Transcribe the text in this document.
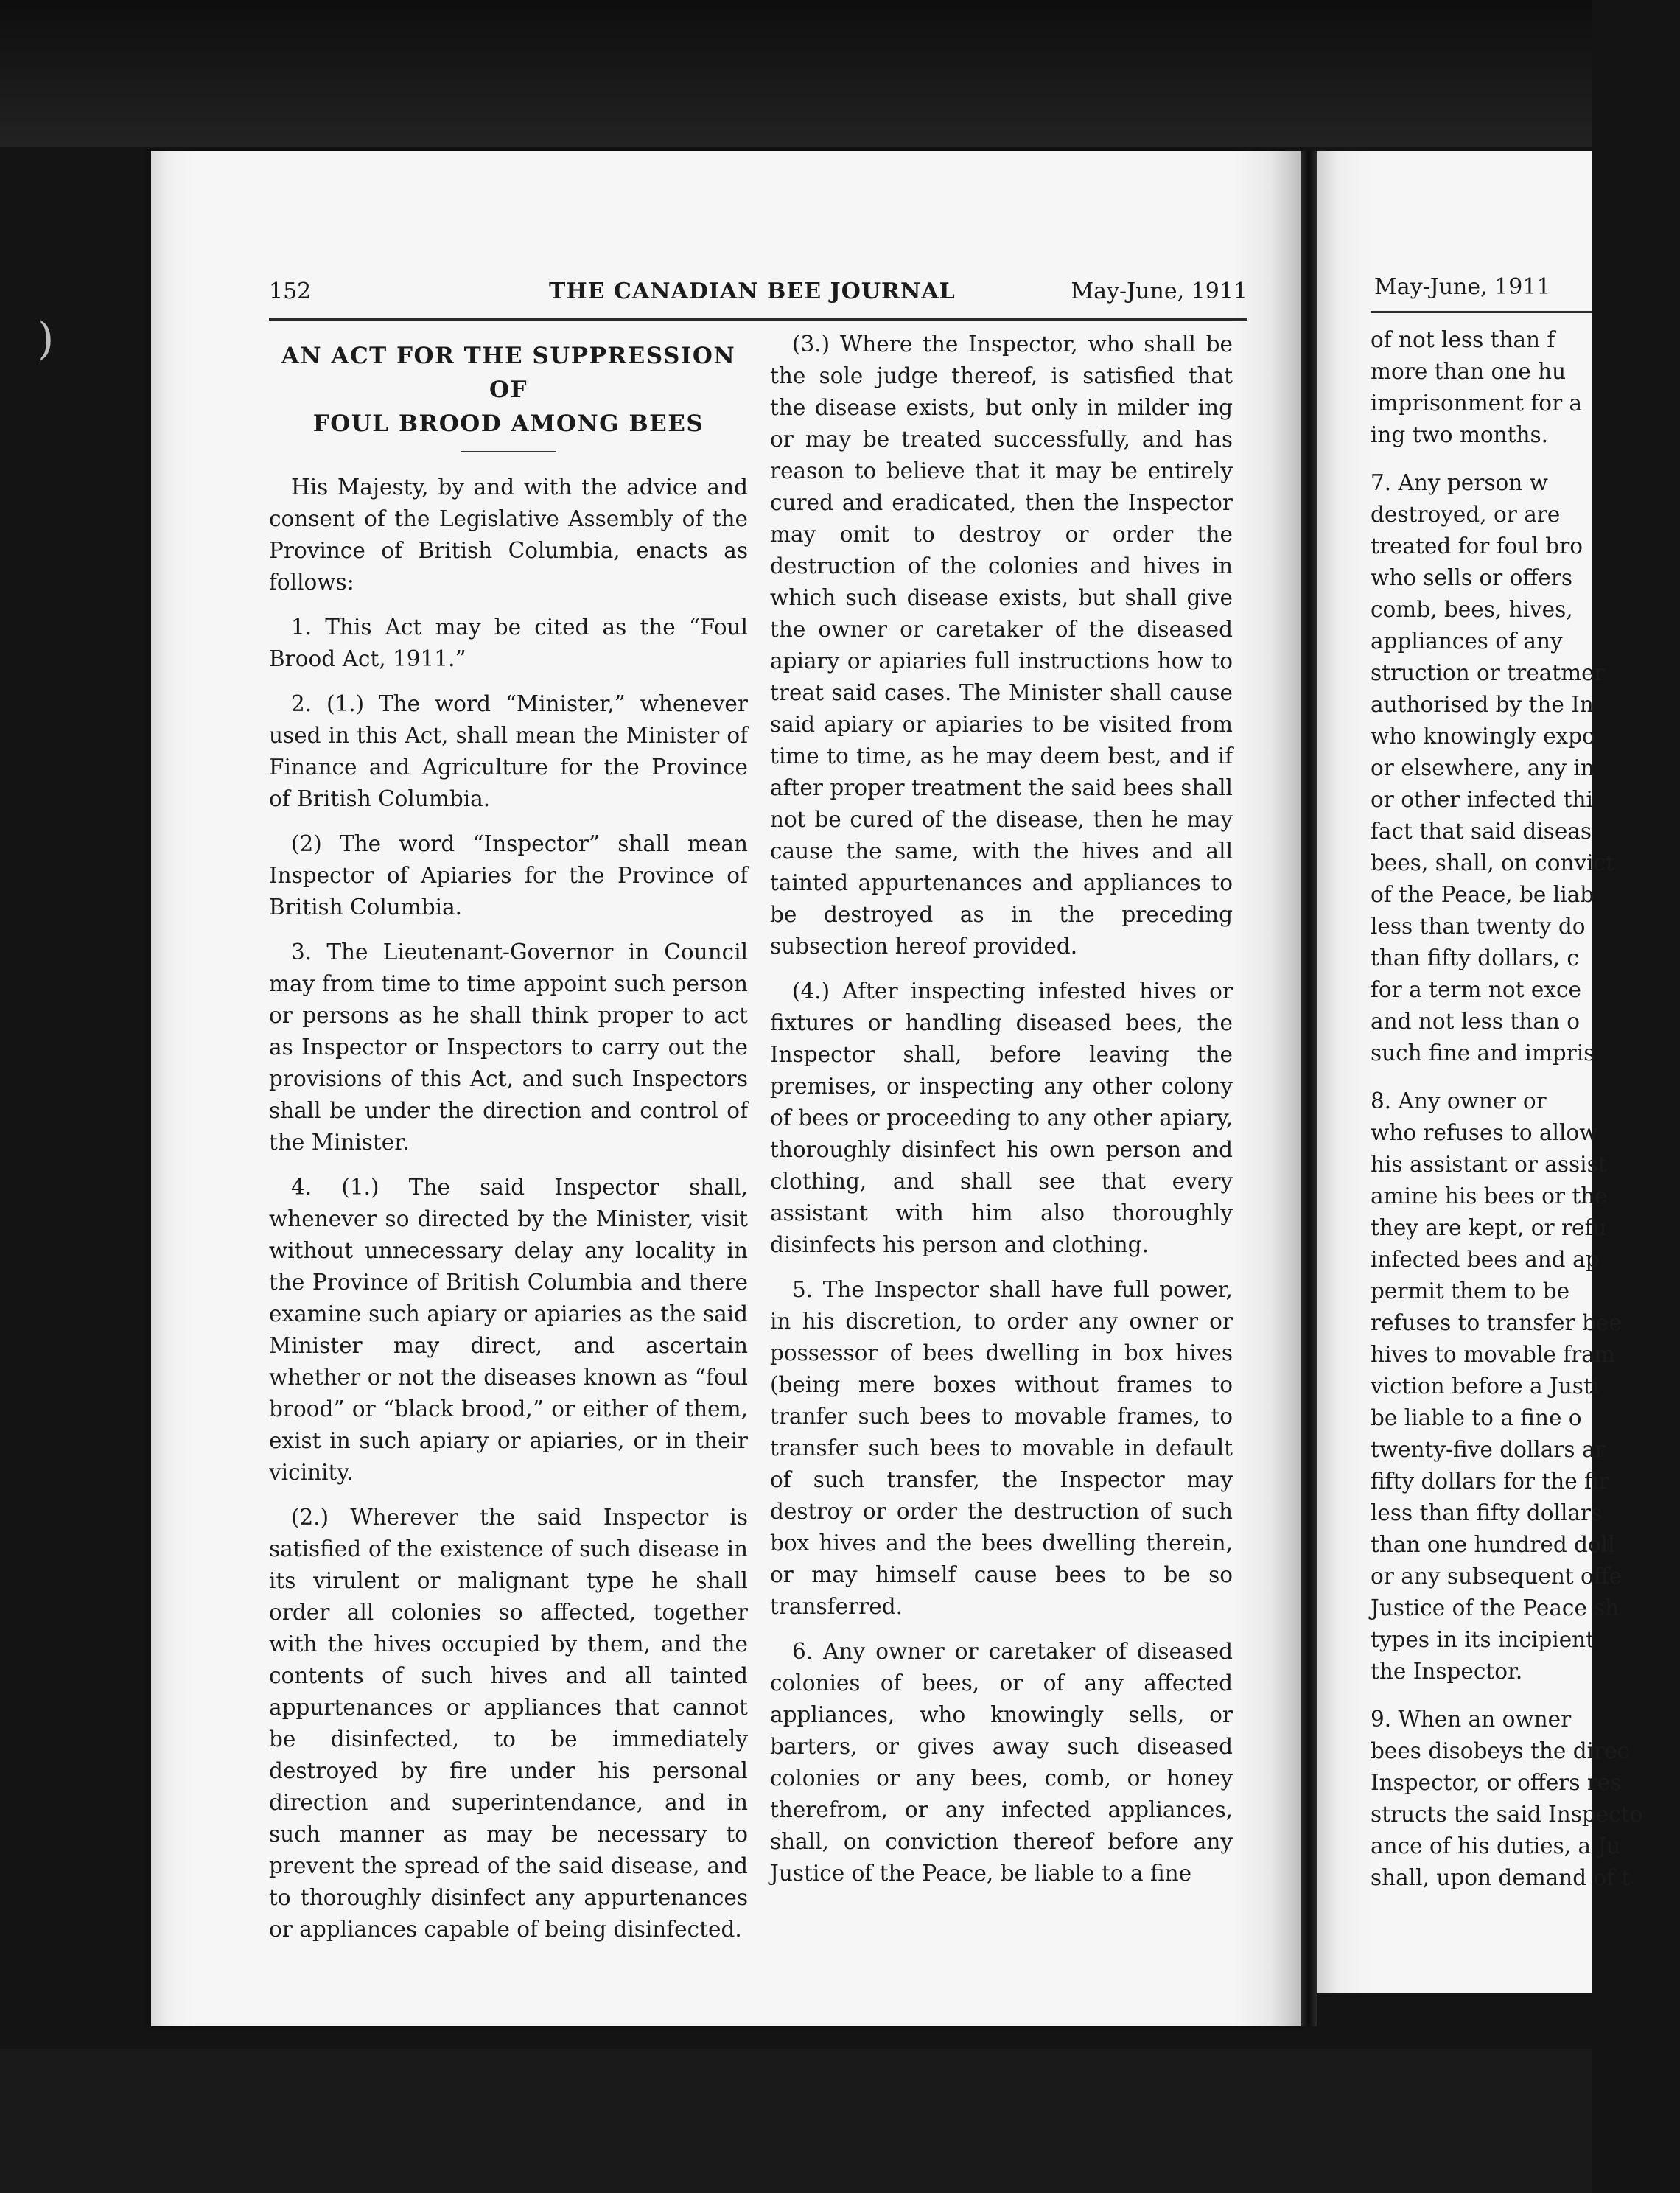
)
152	THE CANADIAN BEE JOURNAL	May-June, 1911
AN ACT FOR THE SUPPRESSION OF
FOUL BROOD AMONG BEES

His Majesty, by and with the advice and consent of the Legislative Assembly of the Province of British Columbia, enacts as follows:

1. This Act may be cited as the “Foul Brood Act, 1911.”

2. (1.) The word “Minister,” whenever used in this Act, shall mean the Minister of Finance and Agriculture for the Province of British Columbia.

(2) The word “Inspector” shall mean Inspector of Apiaries for the Province of British Columbia.

3. The Lieutenant-Governor in Council may from time to time appoint such person or persons as he shall think proper to act as Inspector or Inspectors to carry out the provisions of this Act, and such Inspectors shall be under the direction and control of the Minister.

4. (1.) The said Inspector shall, whenever so directed by the Minister, visit without unnecessary delay any locality in the Province of British Columbia and there examine such apiary or apiaries as the said Minister may direct, and ascertain whether or not the diseases known as “foul brood” or “black brood,” or either of them, exist in such apiary or apiaries, or in their vicinity.

(2.) Wherever the said Inspector is satisfied of the existence of such disease in its virulent or malignant type he shall order all colonies so affected, together with the hives occupied by them, and the contents of such hives and all tainted appurtenances or appliances that cannot be disinfected, to be immediately destroyed by fire under his personal direction and superintendance, and in such manner as may be necessary to prevent the spread of the said disease, and to thoroughly disinfect any appurtenances or appliances capable of being disinfected.

(3.) Where the Inspector, who shall be the sole judge thereof, is satisfied that the disease exists, but only in milder ing or may be treated successfully, and has reason to believe that it may be entirely cured and eradicated, then the Inspector may omit to destroy or order the destruction of the colonies and hives in which such disease exists, but shall give the owner or caretaker of the diseased apiary or apiaries full instructions how to treat said cases. The Minister shall cause said apiary or apiaries to be visited from time to time, as he may deem best, and if after proper treatment the said bees shall not be cured of the disease, then he may cause the same, with the hives and all tainted appurtenances and appliances to be destroyed as in the preceding subsection hereof provided.

(4.) After inspecting infested hives or fixtures or handling diseased bees, the Inspector shall, before leaving the premises, or inspecting any other colony of bees or proceeding to any other apiary, thoroughly disinfect his own person and clothing, and shall see that every assistant with him also thoroughly disinfects his person and clothing.

5. The Inspector shall have full power, in his discretion, to order any owner or possessor of bees dwelling in box hives (being mere boxes without frames to tranfer such bees to movable frames, to transfer such bees to movable in default of such transfer, the Inspector may destroy or order the destruction of such box hives and the bees dwelling therein, or may himself cause bees to be so transferred.

6. Any owner or caretaker of diseased colonies of bees, or of any affected appliances, who knowingly sells, or barters, or gives away such diseased colonies or any bees, comb, or honey therefrom, or any infected appliances, shall, on conviction thereof before any Justice of the Peace, be liable to a fine

May-June, 1911
of not less than f
more than one hu
imprisonment for a
ing two months.
7. Any person w
destroyed, or are
treated for foul bro
who sells or offers
comb, bees, hives,
appliances of any
struction or treatmer
authorised by the In
who knowingly expo
or elsewhere, any in
or other infected thi
fact that said diseas
bees, shall, on convict
of the Peace, be liab
less than twenty do
than fifty dollars, c
for a term not exce
and not less than o
such fine and impris
8. Any owner or
who refuses to allow
his assistant or assist
amine his bees or the
they are kept, or refu
infected bees and ap
permit them to be
refuses to transfer bee
hives to movable fram
viction before a Justi
be liable to a fine o
twenty-five dollars ar
fifty dollars for the fir
less than fifty dollars
than one hundred doll
or any subsequent offe
Justice of the Peace sh
types in its incipient
the Inspector.
9. When an owner
bees disobeys the direc
Inspector, or offers res
structs the said Inspecto
ance of his duties, a Ju
shall, upon demand of t
